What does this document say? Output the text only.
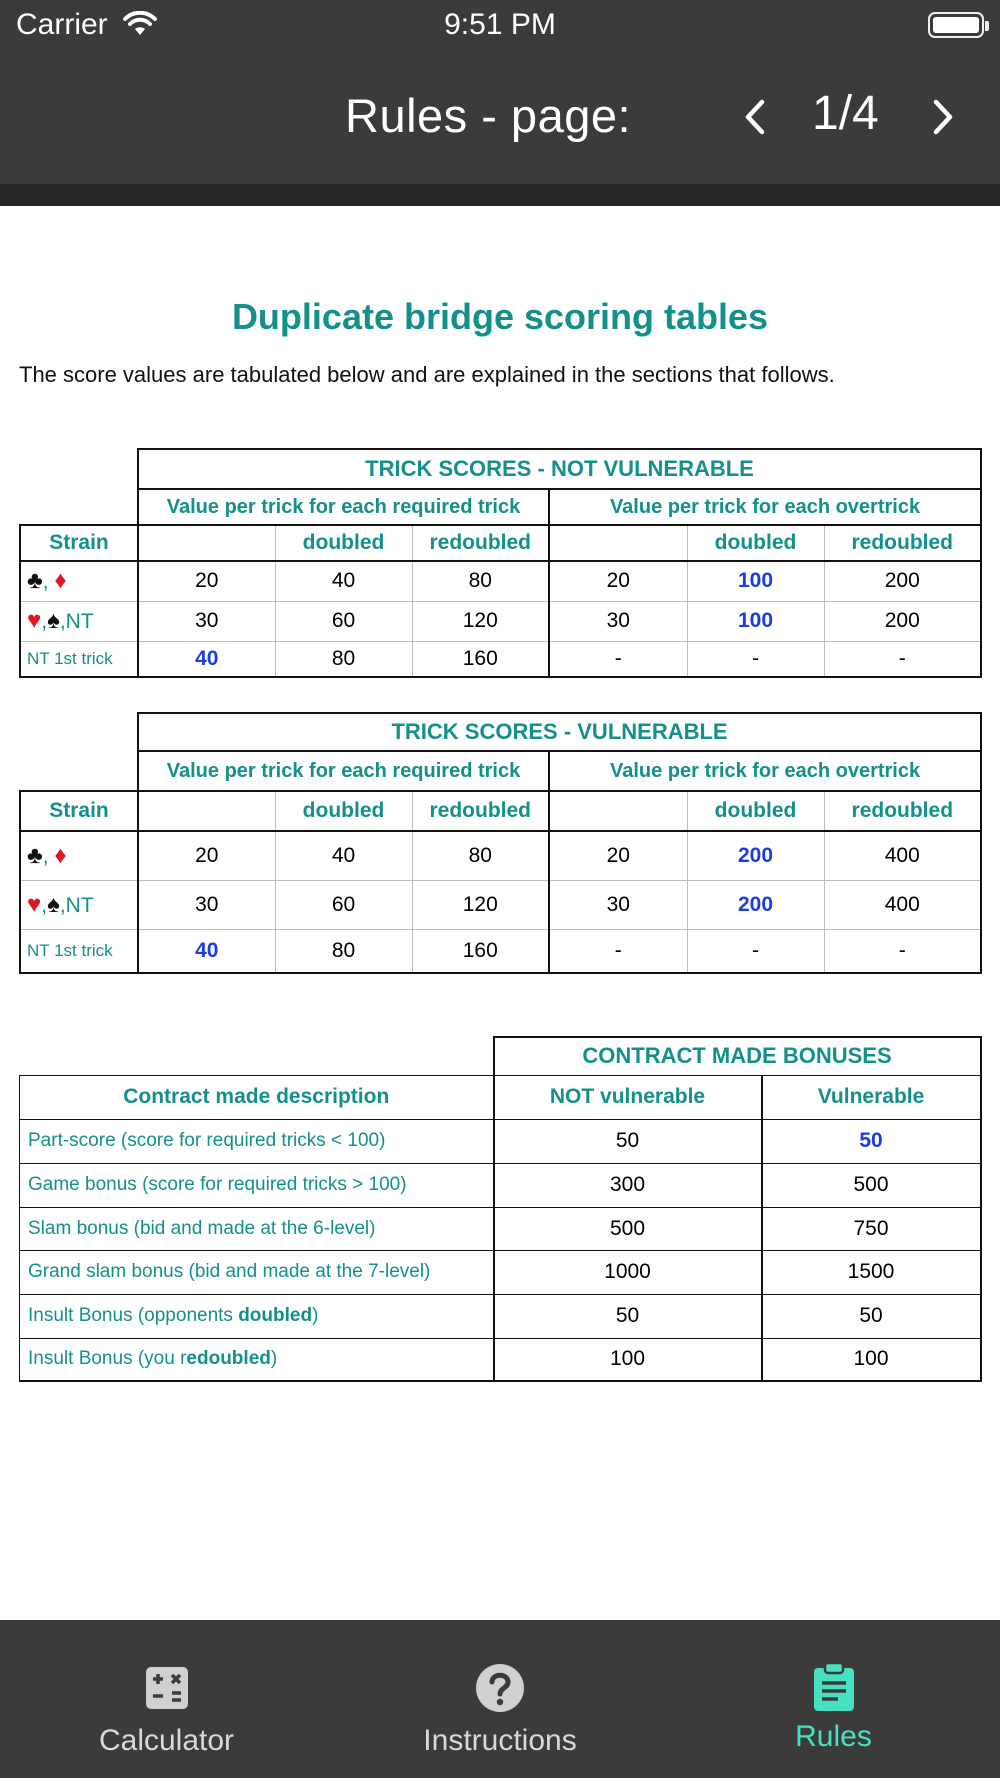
Carrier	9:51 PM
Rules - page:	1/4
Duplicate bridge scoring tables
The score values are tabulated below and are explained in the sections that follows.
	TRICK SCORES - NOT VULNERABLE					
	Value per trick for each required trick			Value per trick for each overtrick		
Strain		doubled	redoubled		doubled	redoubled
♣, ♦	20	40	80	20	100	200
♥,♠,NT	30	60	120	30	100	200
NT 1st trick	40	80	160	-	-	-
	TRICK SCORES - VULNERABLE					
	Value per trick for each required trick			Value per trick for each overtrick		
Strain		doubled	redoubled		doubled	redoubled
♣, ♦	20	40	80	20	200	400
♥,♠,NT	30	60	120	30	200	400
NT 1st trick	40	80	160	-	-	-
	CONTRACT MADE BONUSES	
Contract made description	NOT vulnerable	Vulnerable
Part-score (score for required tricks < 100)	50	50
Game bonus (score for required tricks > 100)	300	500
Slam bonus (bid and made at the 6-level)	500	750
Grand slam bonus (bid and made at the 7-level)	1000	1500
Insult Bonus (opponents doubled)	50	50
Insult Bonus (you redoubled)	100	100
Calculator	Instructions	Rules
